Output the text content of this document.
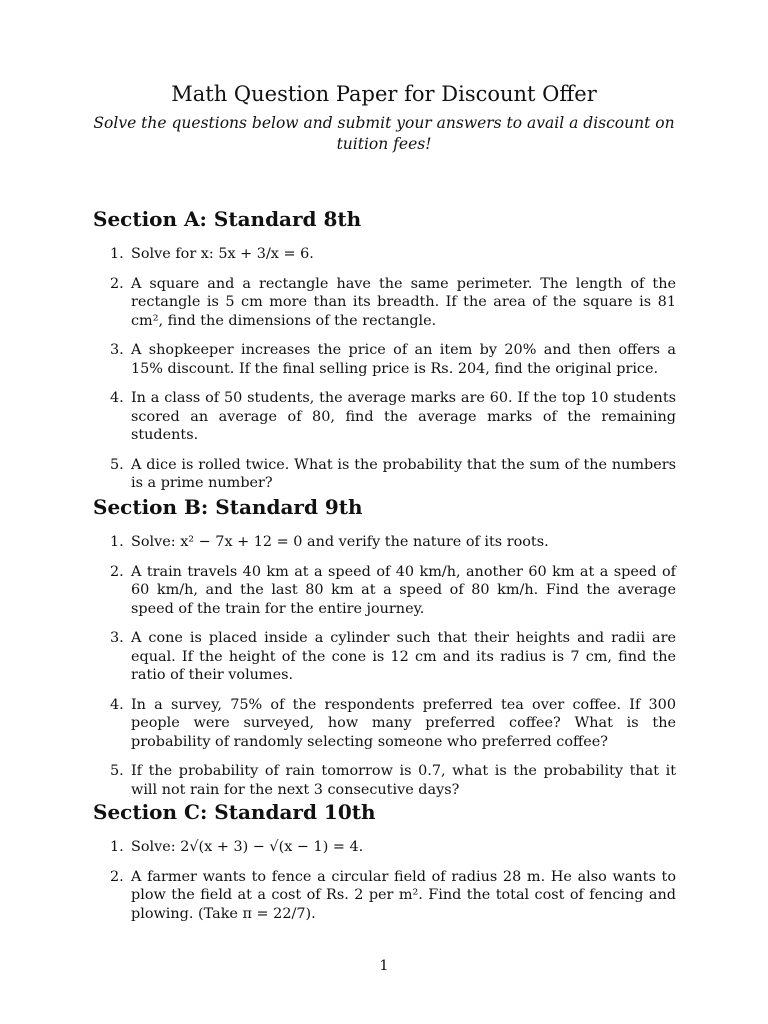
Math Question Paper for Discount Offer

Solve the questions below and submit your answers to avail a discount on tuition fees!

Section A: Standard 8th
1. Solve for x: 5x + 3/x = 6.
2. A square and a rectangle have the same perimeter. The length of the rectangle is 5 cm more than its breadth. If the area of the square is 81 cm², find the dimensions of the rectangle.
3. A shopkeeper increases the price of an item by 20% and then offers a 15% discount. If the final selling price is Rs. 204, find the original price.
4. In a class of 50 students, the average marks are 60. If the top 10 students scored an average of 80, find the average marks of the remaining students.
5. A dice is rolled twice. What is the probability that the sum of the numbers is a prime number?
Section B: Standard 9th
1. Solve: x² − 7x + 12 = 0 and verify the nature of its roots.
2. A train travels 40 km at a speed of 40 km/h, another 60 km at a speed of 60 km/h, and the last 80 km at a speed of 80 km/h. Find the average speed of the train for the entire journey.
3. A cone is placed inside a cylinder such that their heights and radii are equal. If the height of the cone is 12 cm and its radius is 7 cm, find the ratio of their volumes.
4. In a survey, 75% of the respondents preferred tea over coffee. If 300 people were surveyed, how many preferred coffee? What is the probability of randomly selecting someone who preferred coffee?
5. If the probability of rain tomorrow is 0.7, what is the probability that it will not rain for the next 3 consecutive days?
Section C: Standard 10th
1. Solve: 2√(x + 3) − √(x − 1) = 4.
2. A farmer wants to fence a circular field of radius 28 m. He also wants to plow the field at a cost of Rs. 2 per m². Find the total cost of fencing and plowing. (Take π = 22/7).
1
